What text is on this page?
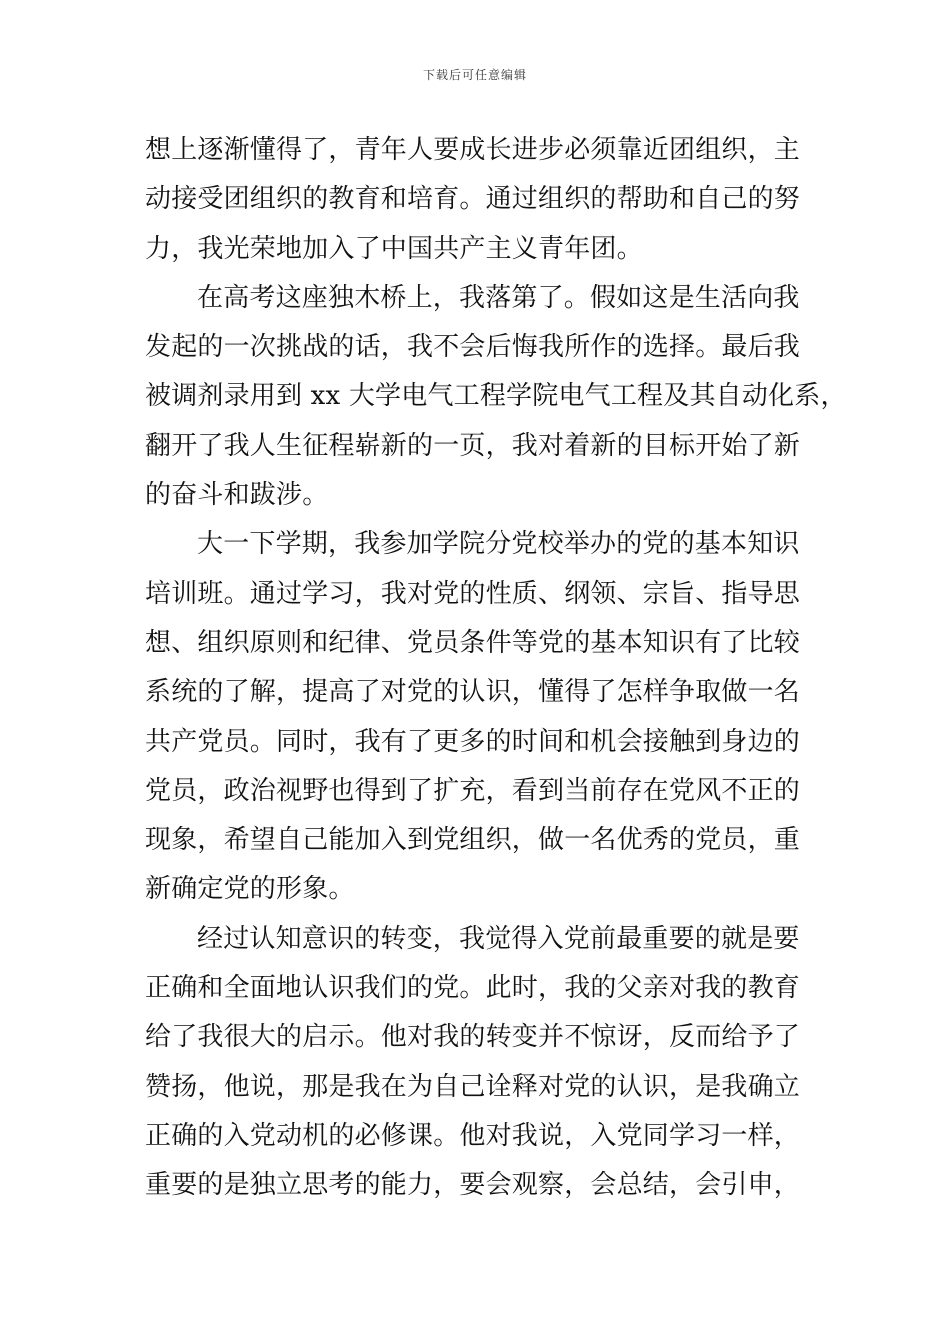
下载后可任意编辑
想上逐渐懂得了，青年人要成长进步必须靠近团组织，主
动接受团组织的教育和培育。通过组织的帮助和自己的努
力，我光荣地加入了中国共产主义青年团。
在高考这座独木桥上，我落第了。假如这是生活向我
发起的一次挑战的话，我不会后悔我所作的选择。最后我
被调剂录用到 xx 大学电气工程学院电气工程及其自动化系，
翻开了我人生征程崭新的一页，我对着新的目标开始了新
的奋斗和跋涉。
大一下学期，我参加学院分党校举办的党的基本知识
培训班。通过学习，我对党的性质、纲领、宗旨、指导思
想、组织原则和纪律、党员条件等党的基本知识有了比较
系统的了解，提高了对党的认识，懂得了怎样争取做一名
共产党员。同时，我有了更多的时间和机会接触到身边的
党员，政治视野也得到了扩充，看到当前存在党风不正的
现象，希望自己能加入到党组织，做一名优秀的党员，重
新确定党的形象。
经过认知意识的转变，我觉得入党前最重要的就是要
正确和全面地认识我们的党。此时，我的父亲对我的教育
给了我很大的启示。他对我的转变并不惊讶，反而给予了
赞扬，他说，那是我在为自己诠释对党的认识，是我确立
正确的入党动机的必修课。他对我说，入党同学习一样，
重要的是独立思考的能力，要会观察，会总结，会引申，
